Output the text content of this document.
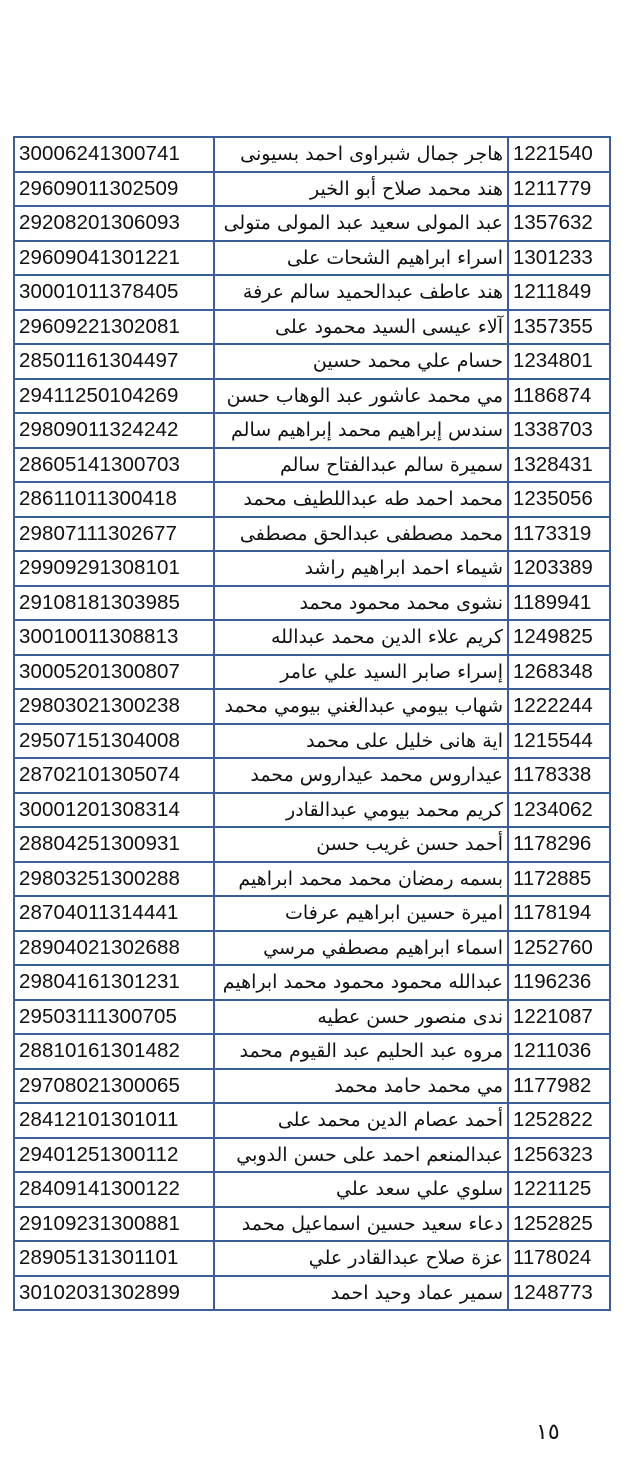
30006241300741	هاجر جمال شبراوى احمد بسيونى	1221540
29609011302509	هند محمد صلاح أبو الخير	1211779
29208201306093	عبد المولى سعيد عبد المولى متولى	1357632
29609041301221	اسراء ابراهيم الشحات على	1301233
30001011378405	هند عاطف عبدالحميد سالم عرفة	1211849
29609221302081	آلاء عيسى السيد محمود على	1357355
28501161304497	حسام علي محمد حسين	1234801
29411250104269	مي محمد عاشور عبد الوهاب حسن	1186874
29809011324242	سندس إبراهيم محمد إبراهيم سالم	1338703
28605141300703	سميرة سالم عبدالفتاح سالم	1328431
28611011300418	محمد احمد طه عبداللطيف محمد	1235056
29807111302677	محمد مصطفى عبدالحق مصطفى	1173319
29909291308101	شيماء احمد ابراهيم راشد	1203389
29108181303985	نشوى محمد محمود محمد	1189941
30010011308813	كريم علاء الدين محمد عبدالله	1249825
30005201300807	إسراء صابر السيد علي عامر	1268348
29803021300238	شهاب بيومي عبدالغني بيومي محمد	1222244
29507151304008	اية هانى خليل على محمد	1215544
28702101305074	عيداروس محمد عيداروس محمد	1178338
30001201308314	كريم محمد بيومي عبدالقادر	1234062
28804251300931	أحمد حسن غريب حسن	1178296
29803251300288	بسمه رمضان محمد محمد ابراهيم	1172885
28704011314441	اميرة حسين ابراهيم عرفات	1178194
28904021302688	اسماء ابراهيم مصطفي مرسي	1252760
29804161301231	عبدالله محمود محمود محمد ابراهيم	1196236
29503111300705	ندى منصور حسن عطيه	1221087
28810161301482	مروه عبد الحليم عبد القيوم محمد	1211036
29708021300065	مي محمد حامد محمد	1177982
28412101301011	أحمد عصام الدين محمد على	1252822
29401251300112	عبدالمنعم احمد على حسن الدوبي	1256323
28409141300122	سلوي علي سعد علي	1221125
29109231300881	دعاء سعيد حسين اسماعيل محمد	1252825
28905131301101	عزة صلاح عبدالقادر علي	1178024
30102031302899	سمير عماد وحيد احمد	1248773
١٥
